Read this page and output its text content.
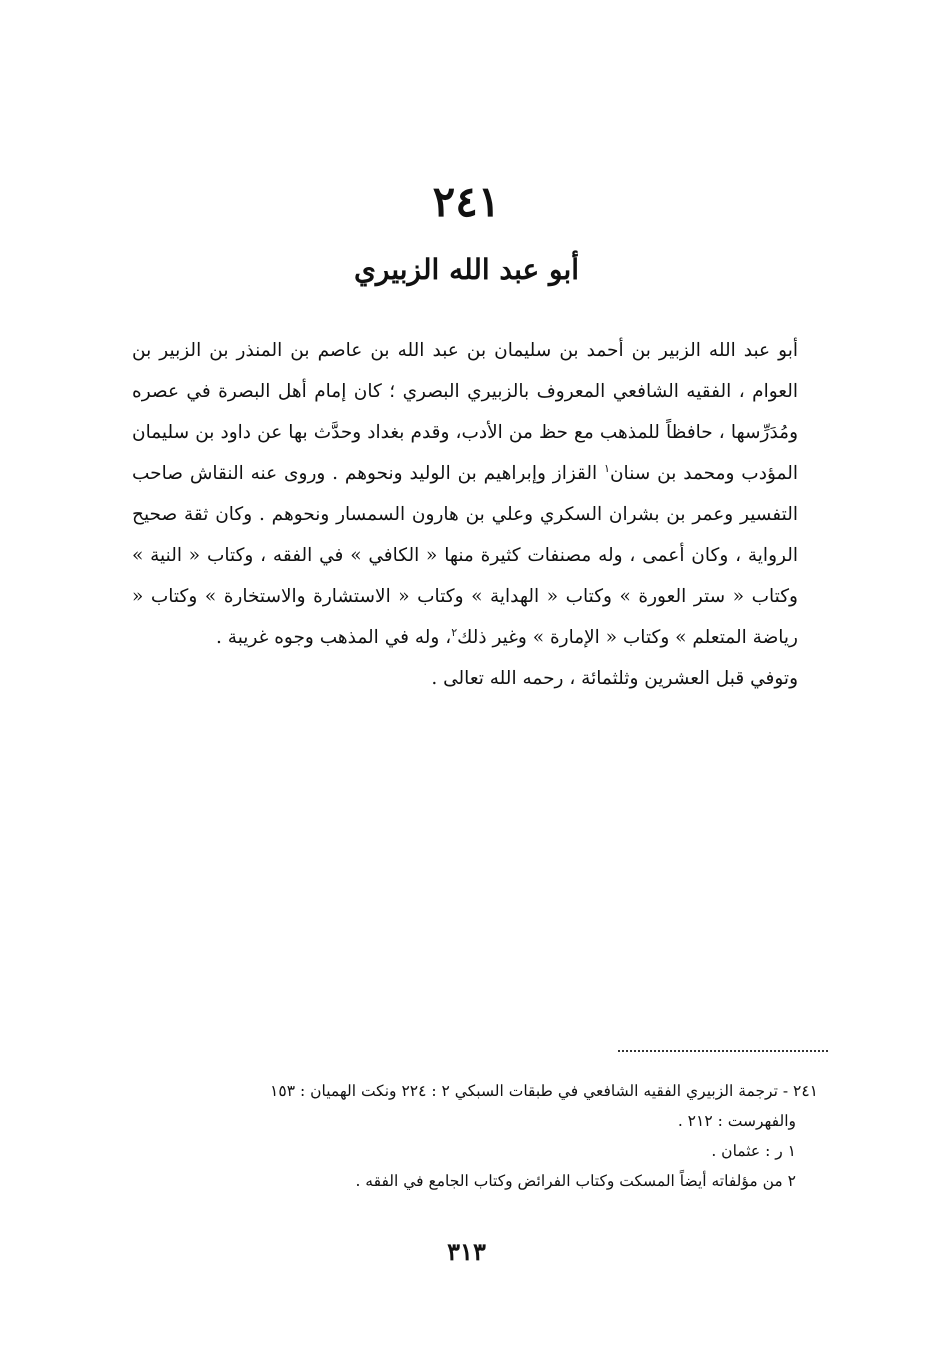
٢٤١
أبو عبد الله الزبيري

أبو عبد الله الزبير بن أحمد بن سليمان بن عبد الله بن عاصم بن المنذر بن الزبير بن العوام ، الفقيه الشافعي المعروف بالزبيري البصري ؛ كان إمام أهل البصرة في عصره ومُدَرِّسها ، حافظاً للمذهب مع حظ من الأدب، وقدم بغداد وحدَّث بها عن داود بن سليمان المؤدب ومحمد بن سنان$^١$ القزاز وإبراهيم بن الوليد ونحوهم . وروى عنه النقاش صاحب التفسير وعمر بن بشران السكري وعلي بن هارون السمسار ونحوهم . وكان ثقة صحيح الرواية ، وكان أعمى ، وله مصنفات كثيرة منها « الكافي » في الفقه ، وكتاب « النية » وكتاب « ستر العورة » وكتاب « الهداية » وكتاب « الاستشارة والاستخارة » وكتاب « رياضة المتعلم » وكتاب « الإمارة » وغير ذلك$^٢$، وله في المذهب وجوه غريبة .

وتوفي قبل العشرين وثلثمائة ، رحمه الله تعالى .

٢٤١ - ترجمة الزبيري الفقيه الشافعي في طبقات السبكي ٢ : ٢٢٤ ونكت الهميان : ١٥٣

والفهرست : ٢١٢ .

١ ر : عثمان .

٢ من مؤلفاته أيضاً المسكت وكتاب الفرائض وكتاب الجامع في الفقه .

٣١٣
